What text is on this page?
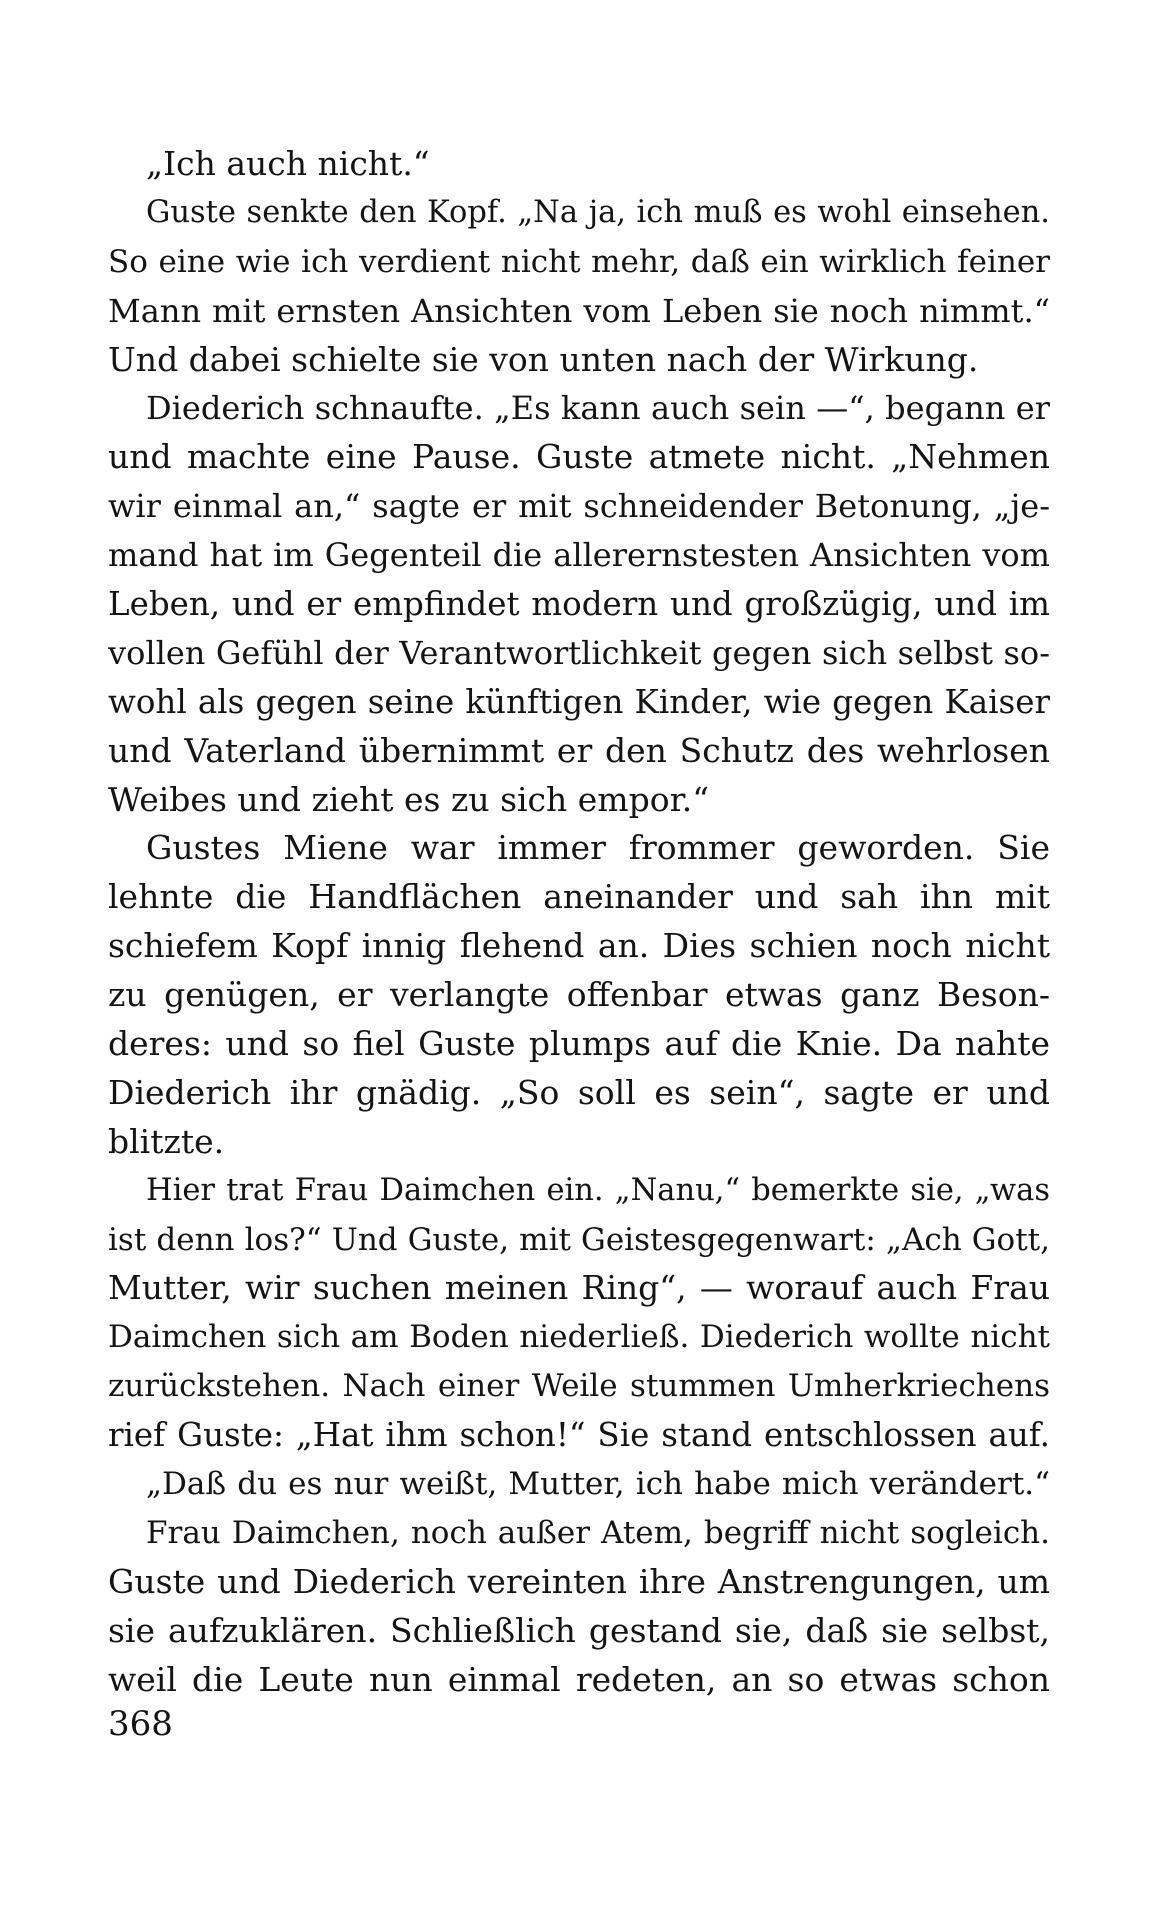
„Ich auch nicht.“
Guste senkte den Kopf. „Na ja, ich muß es wohl einsehen.
So eine wie ich verdient nicht mehr, daß ein wirklich feiner
Mann mit ernsten Ansichten vom Leben sie noch nimmt.“
Und dabei schielte sie von unten nach der Wirkung.
Diederich schnaufte. „Es kann auch sein —“, begann er
und machte eine Pause. Guste atmete nicht. „Nehmen
wir einmal an,“ sagte er mit schneidender Betonung, „je-
mand hat im Gegenteil die allerernstesten Ansichten vom
Leben, und er empfindet modern und großzügig, und im
vollen Gefühl der Verantwortlichkeit gegen sich selbst so-
wohl als gegen seine künftigen Kinder, wie gegen Kaiser
und Vaterland übernimmt er den Schutz des wehrlosen
Weibes und zieht es zu sich empor.“
Gustes Miene war immer frommer geworden. Sie
lehnte die Handflächen aneinander und sah ihn mit
schiefem Kopf innig flehend an. Dies schien noch nicht
zu genügen, er verlangte offenbar etwas ganz Beson-
deres: und so fiel Guste plumps auf die Knie. Da nahte
Diederich ihr gnädig. „So soll es sein“, sagte er und
blitzte.
Hier trat Frau Daimchen ein. „Nanu,“ bemerkte sie, „was
ist denn los?“ Und Guste, mit Geistesgegenwart: „Ach Gott,
Mutter, wir suchen meinen Ring“, — worauf auch Frau
Daimchen sich am Boden niederließ. Diederich wollte nicht
zurückstehen. Nach einer Weile stummen Umherkriechens
rief Guste: „Hat ihm schon!“ Sie stand entschlossen auf.
„Daß du es nur weißt, Mutter, ich habe mich verändert.“
Frau Daimchen, noch außer Atem, begriff nicht sogleich.
Guste und Diederich vereinten ihre Anstrengungen, um
sie aufzuklären. Schließlich gestand sie, daß sie selbst,
weil die Leute nun einmal redeten, an so etwas schon
368
